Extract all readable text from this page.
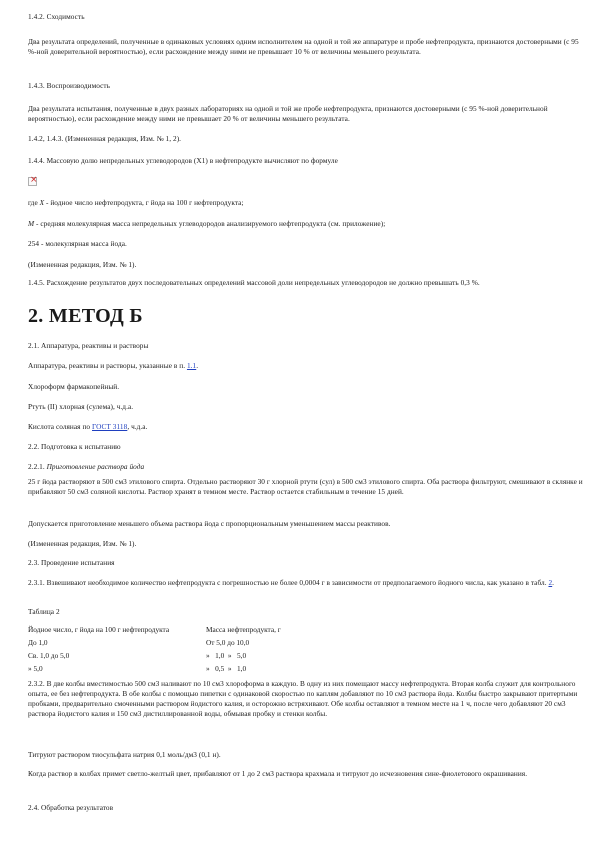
1.4.2. Сходимость

Два результата определений, полученные в одинаковых условиях одним исполнителем на одной и той же аппаратуре и пробе нефтепродукта, признаются достоверными (с 95 %-ной доверительной вероятностью), если расхождение между ними не превышает 10 % от величины меньшего результата.

1.4.3. Воспроизводимость

Два результата испытания, полученные в двух разных лабораториях на одной и той же пробе нефтепродукта, признаются достоверными (с 95 %-ной доверительной вероятностью), если расхождение между ними не превышает 20 % от величины меньшего результата.

1.4.2, 1.4.3. (Измененная редакция, Изм. № 1, 2).

1.4.4. Массовую долю непредельных углеводородов (Х1) в нефтепродукте вычисляют по формуле

×

где Х - йодное число нефтепродукта, г йода на 100 г нефтепродукта;

М - средняя молекулярная масса непредельных углеводородов анализируемого нефтепродукта (см. приложение);

254 - молекулярная масса йода.

(Измененная редакция, Изм. № 1).

1.4.5. Расхождение результатов двух последовательных определений массовой доли непредельных углеводородов не должно превышать 0,3 %.

2. МЕТОД Б

2.1. Аппаратура, реактивы и растворы

Аппаратура, реактивы и растворы, указанные в п. 1.1.

Хлороформ фармакопейный.

Ртуть (II) хлорная (сулема), ч.д.а.

Кислота соляная по ГОСТ 3118, ч.д.а.

2.2. Подготовка к испытанию

2.2.1. Приготовление раствора йода

25 г йода растворяют в 500 см3 этилового спирта. Отдельно растворяют 30 г хлорной ртути (сул) в 500 см3 этилового спирта. Оба раствора фильтруют, смешивают в склянке и прибавляют 50 см3 соляной кислоты. Раствор хранят в темном месте. Раствор остается стабильным в течение 15 дней.

Допускается приготовление меньшего объема раствора йода с пропорциональным уменьшением массы реактивов.

(Измененная редакция, Изм. № 1).

2.3. Проведение испытания

2.3.1. Взвешивают необходимое количество нефтепродукта с погрешностью не более 0,0004 г в зависимости от предполагаемого йодного числа, как указано в табл. 2.

Таблица 2

Йодное число, г йода на 100 г нефтепродукта	Масса нефтепродукта, г
До 1,0	От 5,0 до 10,0
Св. 1,0 до 5,0	»   1,0  »   5,0
» 5,0	»   0,5  »   1,0

2.3.2. В две колбы вместимостью 500 см3 наливают по 10 см3 хлороформа в каждую. В одну из них помещают массу нефтепродукта. Вторая колба служит для контрольного опыта, ее без нефтепродукта. В обе колбы с помощью пипетки с одинаковой скоростью по каплям добавляют по 10 см3 раствора йода. Колбы быстро закрывают притертыми пробками, предварительно смоченными раствором йодистого калия, и осторожно встряхивают. Обе колбы оставляют в темном месте на 1 ч, после чего добавляют 20 см3 раствора йодистого калия и 150 см3 дистиллированной воды, обмывая пробку и стенки колбы.

Титруют раствором тиосульфата натрия 0,1 моль/дм3 (0,1 н).

Когда раствор в колбах примет светло-желтый цвет, прибавляют от 1 до 2 см3 раствора крахмала и титруют до исчезновения сине-фиолетового окрашивания.

2.4. Обработка результатов
